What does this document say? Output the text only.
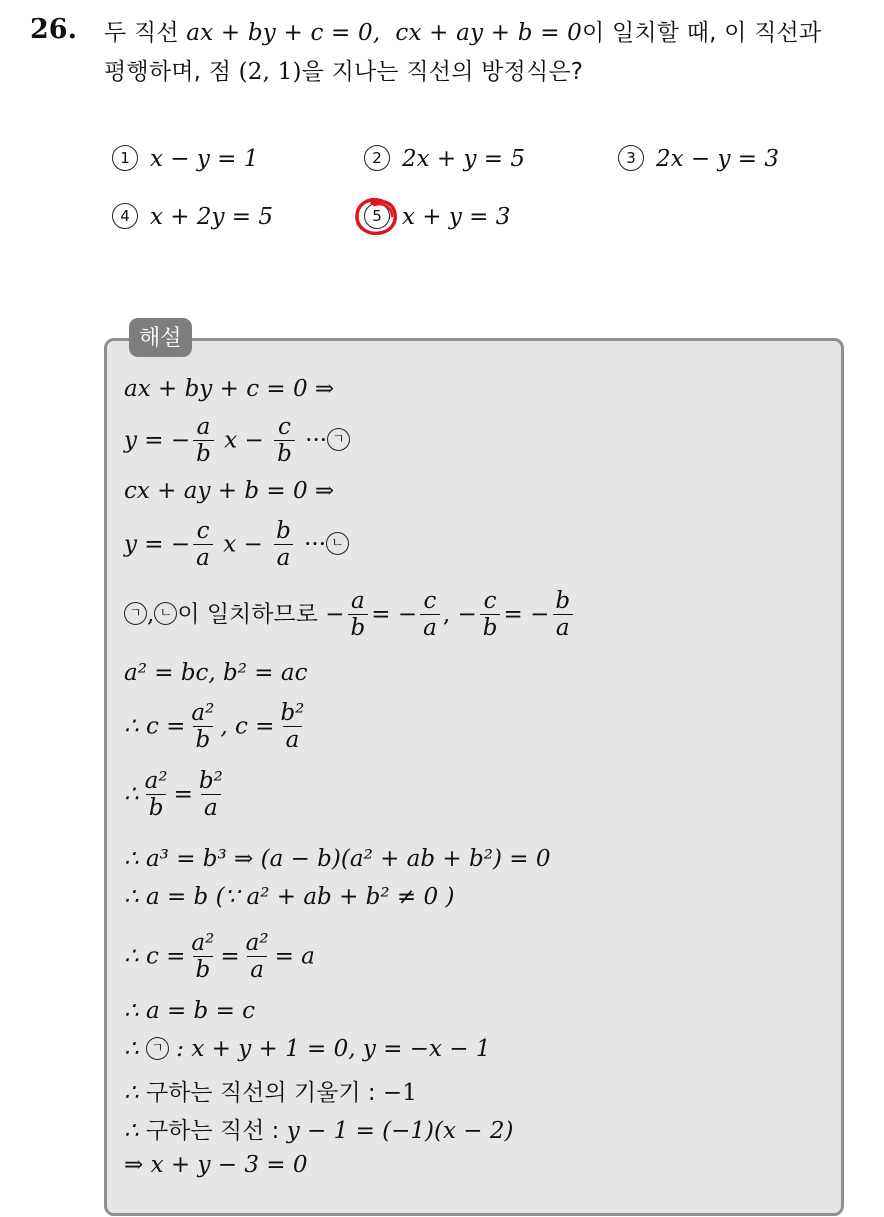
26. 두 직선 ax + by + c = 0, cx + ay + b = 0이 일치할 때, 이 직선과
평행하며, 점 (2, 1)을 지나는 직선의 방정식은?
1 x − y = 1	2 2x + y = 5	3 2x − y = 3
4 x + 2y = 5	5 x + y = 3
해설
ax + by + c = 0 ⇒
y = − $\frac{a}{b}$ $x - \frac{c}{b}$ ··· ㄱ
cx + ay + b = 0 ⇒
y = − $\frac{c}{a}$ $x - \frac{b}{a}$ ··· ㄴ
ㄱ , ㄴ 이 일치하므로 − $\frac{a}{b}$ = − $\frac{c}{a}$ , − $\frac{c}{b}$ = − $\frac{b}{a}$
a² = bc, b² = ac
∴ $c = \frac{\text{a²}}{b}$ , $c = \frac{\text{b²}}{a}$
∴ $\frac{\text{a²}}{b} = \frac{\text{b²}}{a}$
∴ a³ = b³ ⇒ (a − b)(a² + ab + b²) = 0
∴ a = b (∵ a² + ab + b² ≠ 0 )
∴ $c = \frac{\text{a²}}{b} = \frac{\text{a²}}{a} = a$
∴ a = b = c
∴ ㄱ : x + y + 1 = 0, y = −x − 1
∴ 구하는 직선의 기울기 : −1
∴ 구하는 직선 : y − 1 = (−1)(x − 2)
⇒ x + y − 3 = 0
